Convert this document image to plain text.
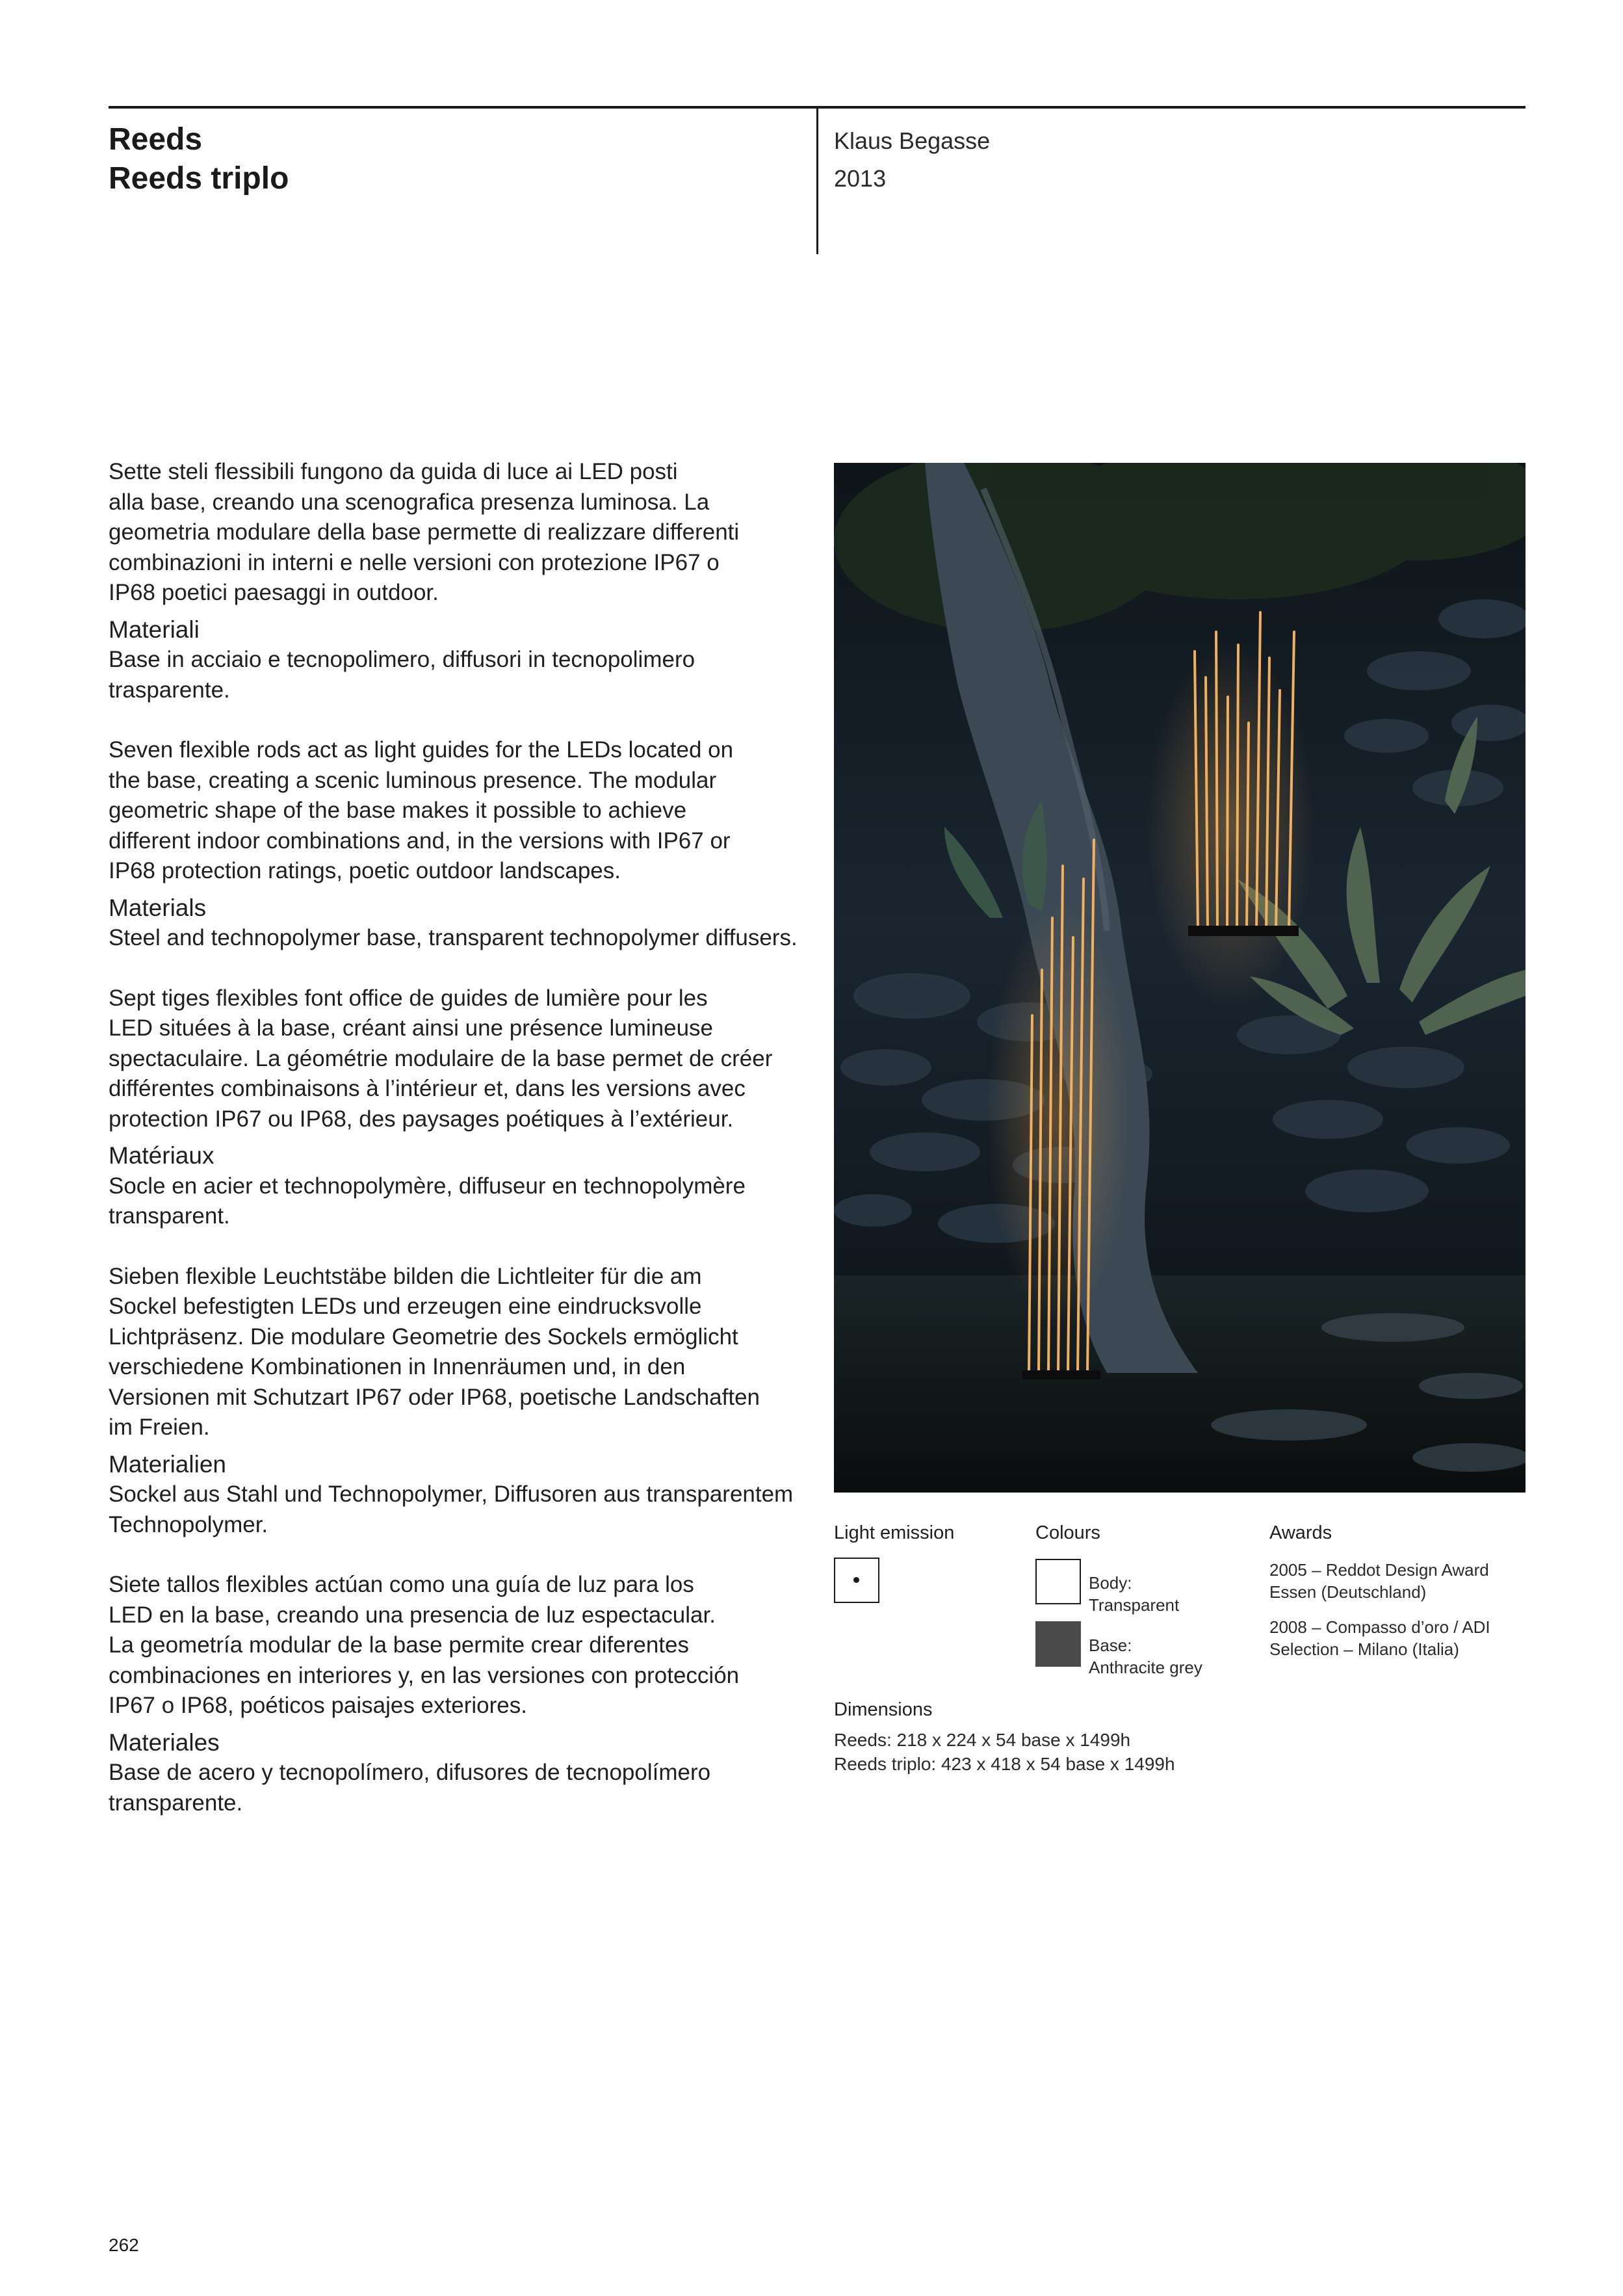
Reeds
Reeds triplo
Klaus Begasse
2013

Sette steli flessibili fungono da guida di luce ai LED posti

alla base, creando una scenografica presenza luminosa. La

geometria modulare della base permette di realizzare differenti

combinazioni in interni e nelle versioni con protezione IP67 o

IP68 poetici paesaggi in outdoor.

Materiali

Base in acciaio e tecnopolimero, diffusori in tecnopolimero

trasparente.

Seven flexible rods act as light guides for the LEDs located on

the base, creating a scenic luminous presence. The modular

geometric shape of the base makes it possible to achieve

different indoor combinations and, in the versions with IP67 or

IP68 protection ratings, poetic outdoor landscapes.

Materials

Steel and technopolymer base, transparent technopolymer diffusers.

Sept tiges flexibles font office de guides de lumière pour les

LED situées à la base, créant ainsi une présence lumineuse

spectaculaire. La géométrie modulaire de la base permet de créer

différentes combinaisons à l’intérieur et, dans les versions avec

protection IP67 ou IP68, des paysages poétiques à l’extérieur.

Matériaux

Socle en acier et technopolymère, diffuseur en technopolymère

transparent.

Sieben flexible Leuchtstäbe bilden die Lichtleiter für die am

Sockel befestigten LEDs und erzeugen eine eindrucksvolle

Lichtpräsenz. Die modulare Geometrie des Sockels ermöglicht

verschiedene Kombinationen in Innenräumen und, in den

Versionen mit Schutzart IP67 oder IP68, poetische Landschaften

im Freien.

Materialien

Sockel aus Stahl und Technopolymer, Diffusoren aus transparentem

Technopolymer.

Siete tallos flexibles actúan como una guía de luz para los

LED en la base, creando una presencia de luz espectacular.

La geometría modular de la base permite crear diferentes

combinaciones en interiores y, en las versiones con protección

IP67 o IP68, poéticos paisajes exteriores.

Materiales

Base de acero y tecnopolímero, difusores de tecnopolímero

transparente.

Light emission	Colours
Body:
Transparent
Base:
Anthracite grey
Awards
2005 – Reddot Design Award
Essen (Deutschland)
2008 – Compasso d’oro / ADI
Selection – Milano (Italia)
Dimensions
Reeds: 218 x 224 x 54 base x 1499h
Reeds triplo: 423 x 418 x 54 base x 1499h
262
